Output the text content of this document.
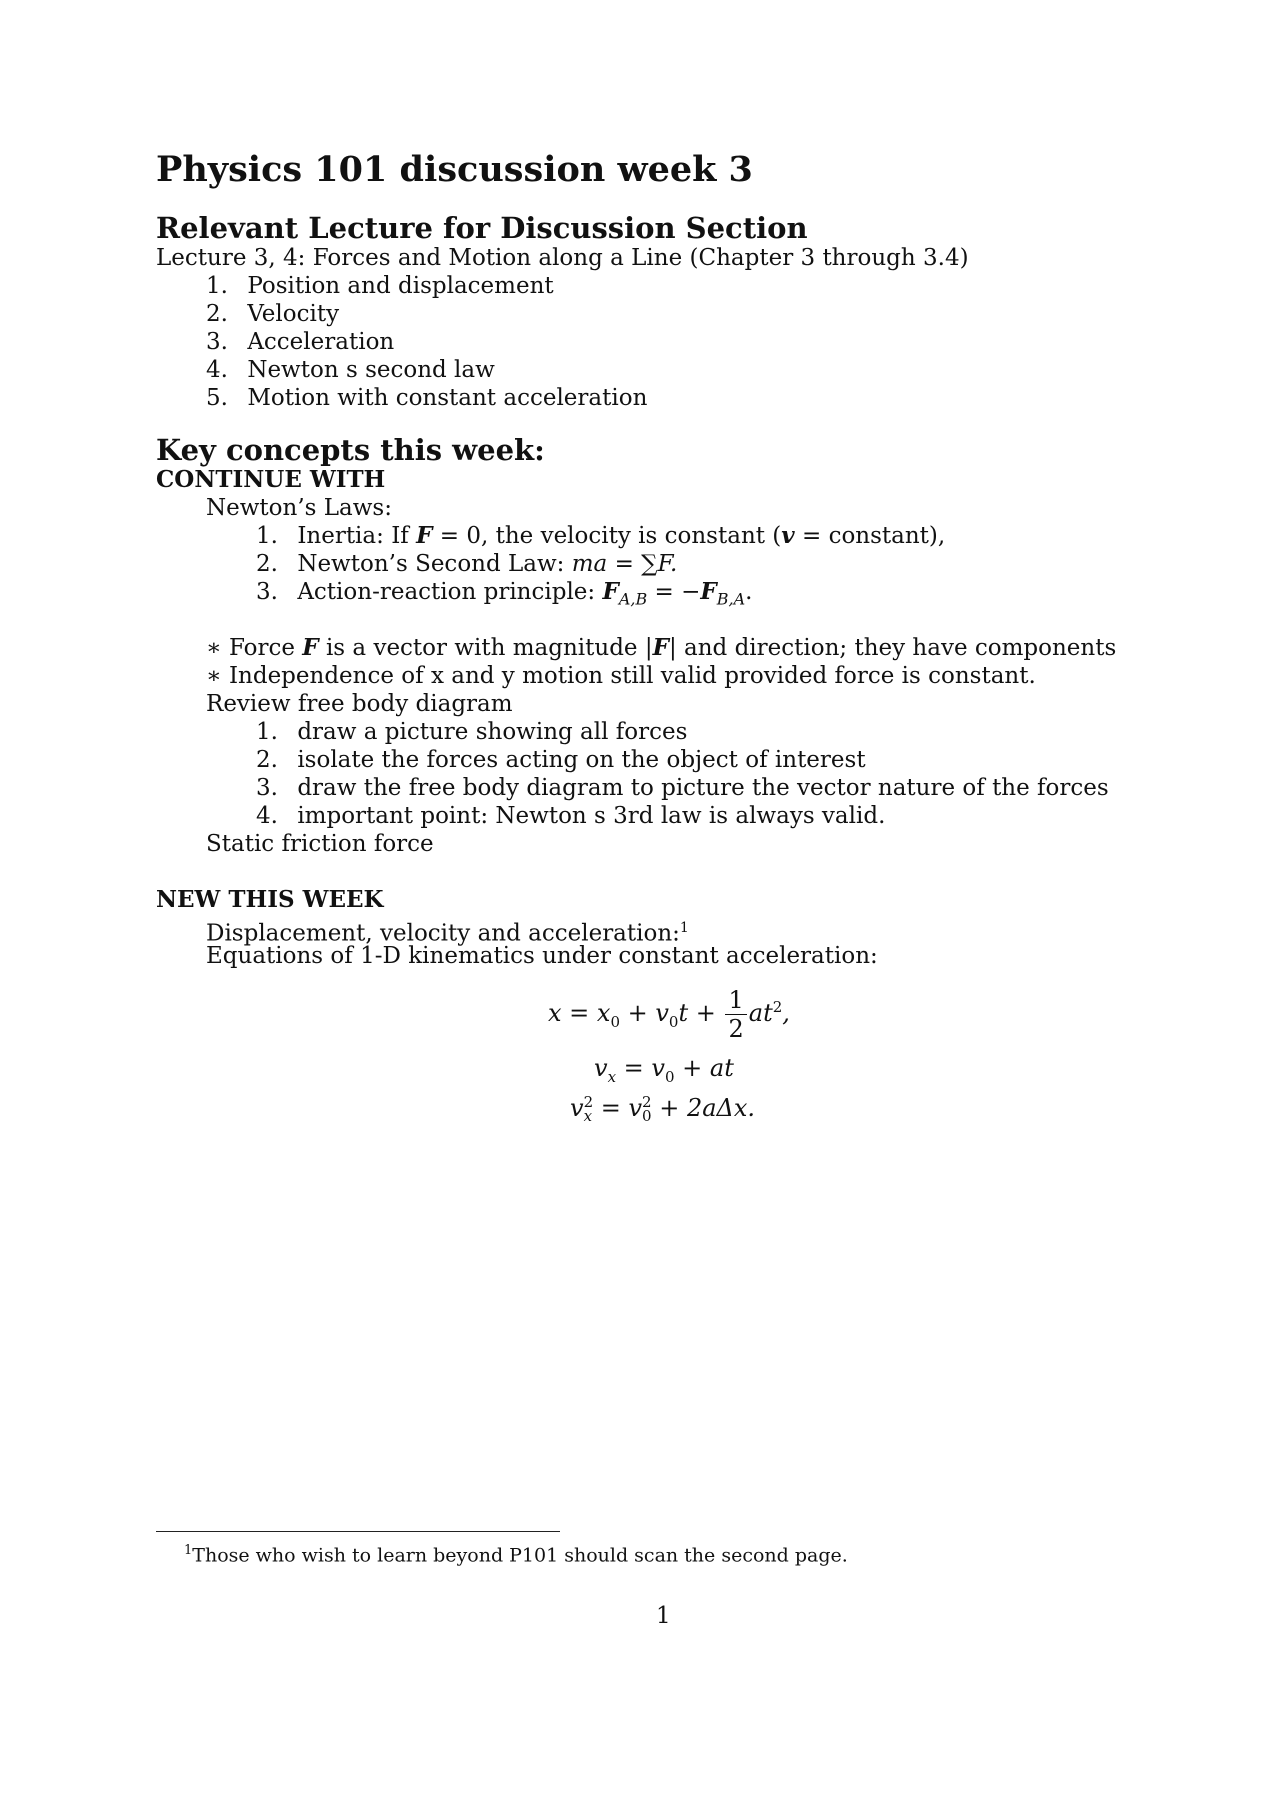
Physics 101 discussion week 3
Relevant Lecture for Discussion Section
Lecture 3, 4: Forces and Motion along a Line (Chapter 3 through 3.4)
1. Position and displacement
2. Velocity
3. Acceleration
4. Newton s second law
5. Motion with constant acceleration
Key concepts this week:
CONTINUE WITH
Newton’s Laws:
1. Inertia: If F = 0, the velocity is constant (v = constant),
2. Newton’s Second Law: ma = ∑F.
3. Action-reaction principle: $F_{A,B} = -F_{B,A}$.
∗ Force F is a vector with magnitude |F| and direction; they have components
∗ Independence of x and y motion still valid provided force is constant.
Review free body diagram
1. draw a picture showing all forces
2. isolate the forces acting on the object of interest
3. draw the free body diagram to picture the vector nature of the forces
4. important point: Newton s 3rd law is always valid.
Static friction force
NEW THIS WEEK
Displacement, velocity and acceleration:$^1$
Equations of 1-D kinematics under constant acceleration:
$x = x_0 + v_0t + \frac{1}{2} at^2$,
$v_x = v_0$ + at
v 2
x = v 2
0 + 2aΔx.
$^1$Those who wish to learn beyond P101 should scan the second page.
1
